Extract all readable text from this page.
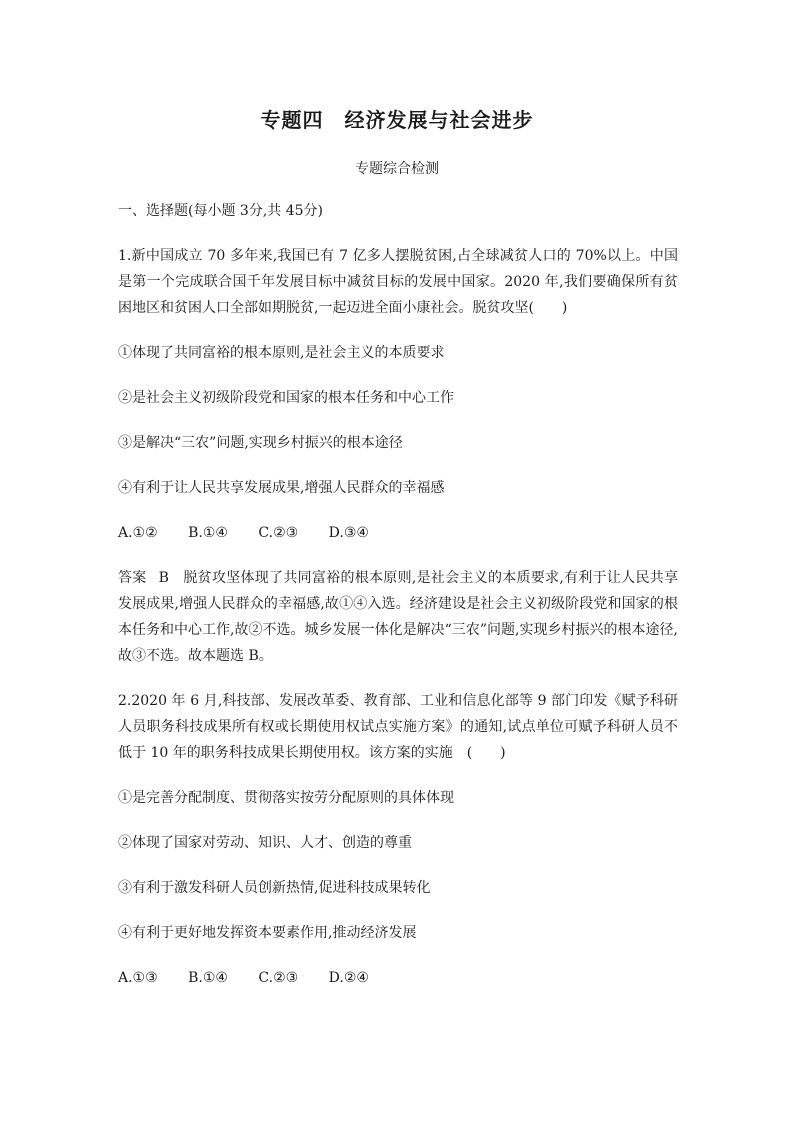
专题四　经济发展与社会进步
专题综合检测
一、选择题(每小题 3分,共 45分)
1.新中国成立 70 多年来,我国已有 7 亿多人摆脱贫困,占全球减贫人口的 70%以上。中国是第一个完成联合国千年发展目标中减贫目标的发展中国家。2020 年,我们要确保所有贫困地区和贫困人口全部如期脱贫,一起迈进全面小康社会。脱贫攻坚(　　)
①体现了共同富裕的根本原则,是社会主义的本质要求
②是社会主义初级阶段党和国家的根本任务和中心工作
③是解决“三农”问题,实现乡村振兴的根本途径
④有利于让人民共享发展成果,增强人民群众的幸福感
A.①② B.①④ C.②③ D.③④
答案 B　脱贫攻坚体现了共同富裕的根本原则,是社会主义的本质要求,有利于让人民共享发展成果,增强人民群众的幸福感,故①④入选。经济建设是社会主义初级阶段党和国家的根本任务和中心工作,故②不选。城乡发展一体化是解决“三农”问题,实现乡村振兴的根本途径,故③不选。故本题选 B。
2.2020 年 6 月,科技部、发展改革委、教育部、工业和信息化部等 9 部门印发《赋予科研人员职务科技成果所有权或长期使用权试点实施方案》的通知,试点单位可赋予科研人员不低于 10 年的职务科技成果长期使用权。该方案的实施　(　　)
①是完善分配制度、贯彻落实按劳分配原则的具体体现
②体现了国家对劳动、知识、人才、创造的尊重
③有利于激发科研人员创新热情,促进科技成果转化
④有利于更好地发挥资本要素作用,推动经济发展
A.①③ B.①④ C.②③ D.②④
